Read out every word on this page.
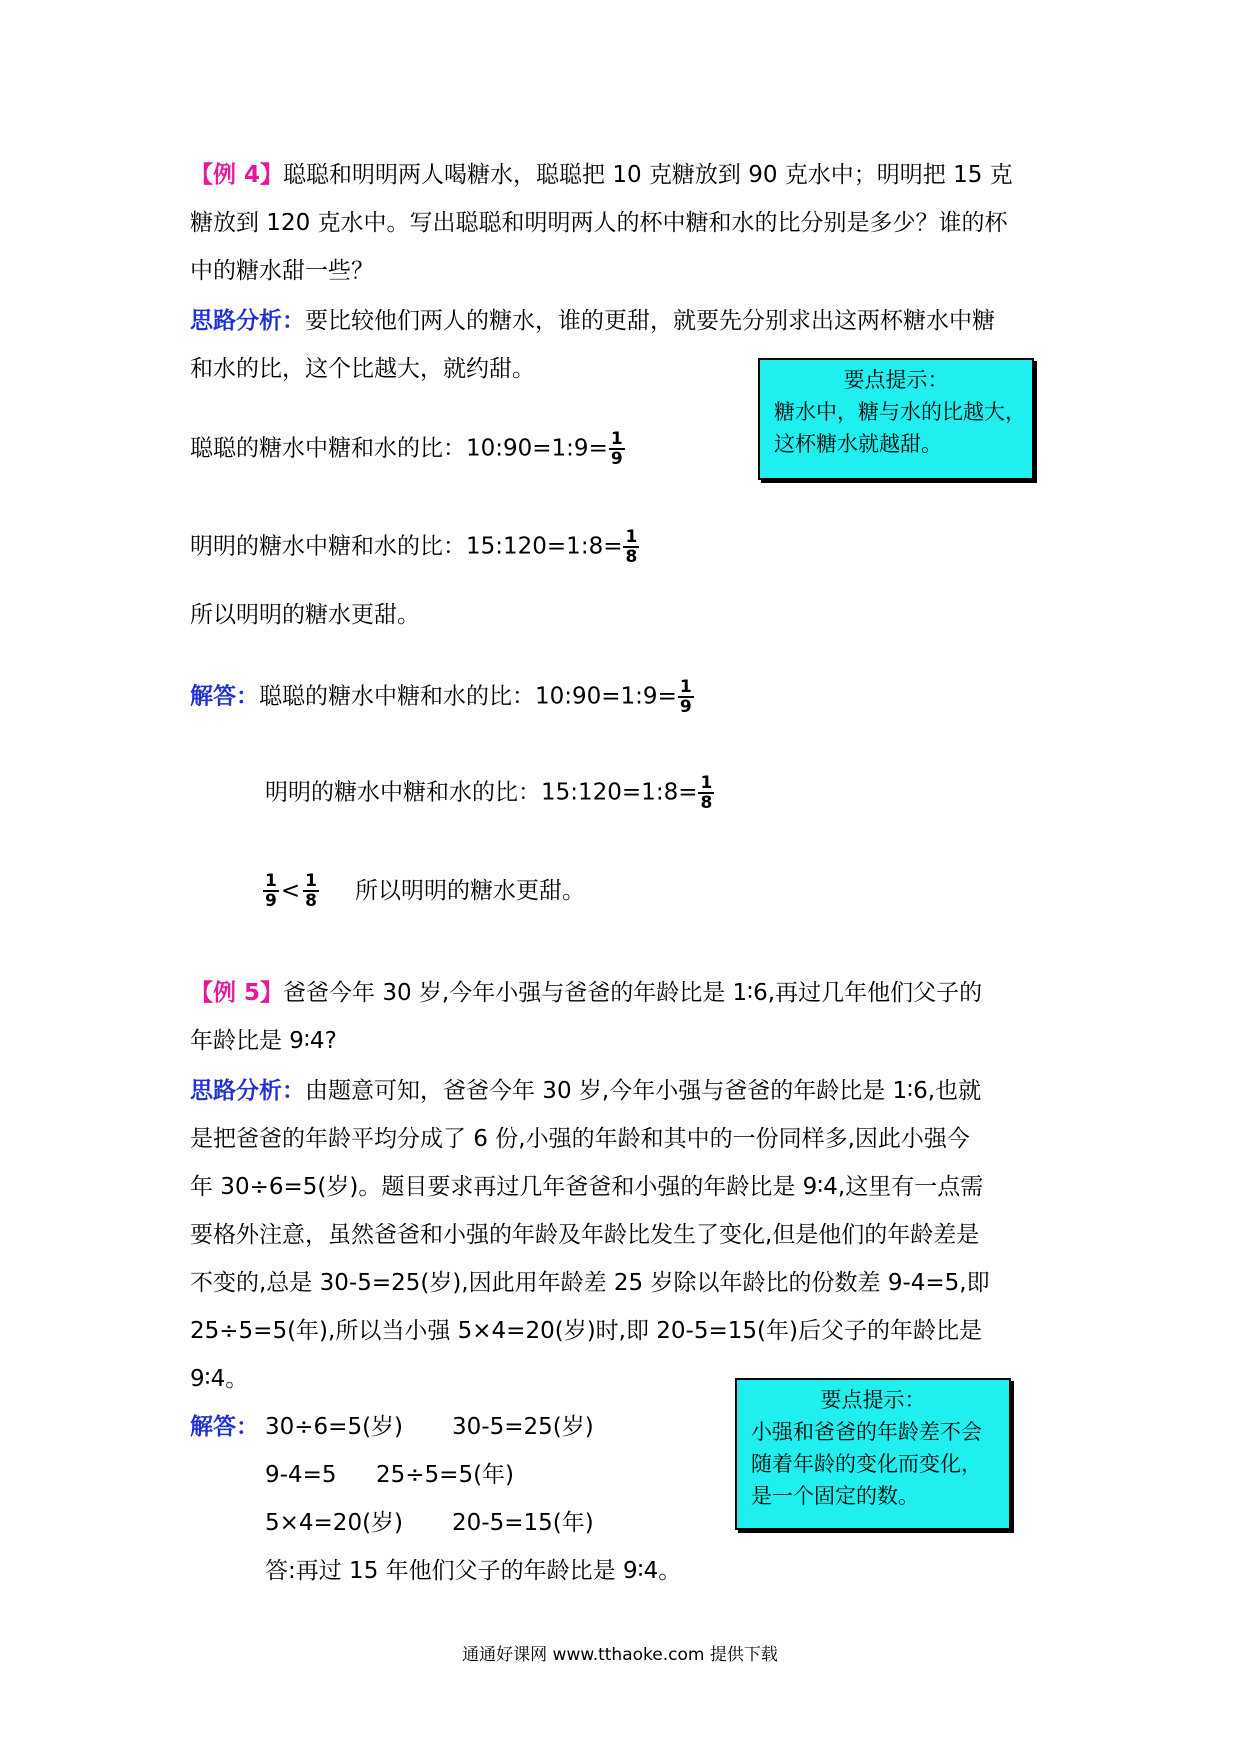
【例 4】聪聪和明明两人喝糖水，聪聪把 10 克糖放到 90 克水中；明明把 15 克
糖放到 120 克水中。写出聪聪和明明两人的杯中糖和水的比分别是多少？谁的杯
中的糖水甜一些？
思路分析：要比较他们两人的糖水，谁的更甜，就要先分别求出这两杯糖水中糖
和水的比，这个比越大，就约甜。	要点提示：
糖水中，糖与水的比越大，
这杯糖水就越甜。
聪聪的糖水中糖和水的比：10:90=1:9= $\frac{1}{9}$
明明的糖水中糖和水的比：15:120=1:8= $\frac{1}{8}$
所以明明的糖水更甜。
解答：聪聪的糖水中糖和水的比：10:90=1:9= $\frac{1}{9}$
明明的糖水中糖和水的比：15:120=1:8= $\frac{1}{8}$
$\frac{1}{9} < \frac{1}{8}$ 所以明明的糖水更甜。
【例 5】爸爸今年 30 岁,今年小强与爸爸的年龄比是 1∶6,再过几年他们父子的
年龄比是 9∶4?
思路分析：由题意可知，爸爸今年 30 岁,今年小强与爸爸的年龄比是 1∶6,也就
是把爸爸的年龄平均分成了 6 份,小强的年龄和其中的一份同样多,因此小强今
年 30÷6=5(岁)。题目要求再过几年爸爸和小强的年龄比是 9∶4,这里有一点需
要格外注意，虽然爸爸和小强的年龄及年龄比发生了变化,但是他们的年龄差是
不变的,总是 30-5=25(岁),因此用年龄差 25 岁除以年龄比的份数差 9-4=5,即
25÷5=5(年),所以当小强 5×4=20(岁)时,即 20-5=15(年)后父子的年龄比是
9∶4。
要点提示：
小强和爸爸的年龄差不会
随着年龄的变化而变化，
是一个固定的数。
解答： 30÷6=5(岁) 30-5=25(岁)
9-4=5 25÷5=5(年)
5×4=20(岁) 20-5=15(年)
答:再过 15 年他们父子的年龄比是 9∶4。
通通好课网 www.tthaoke.com 提供下载
